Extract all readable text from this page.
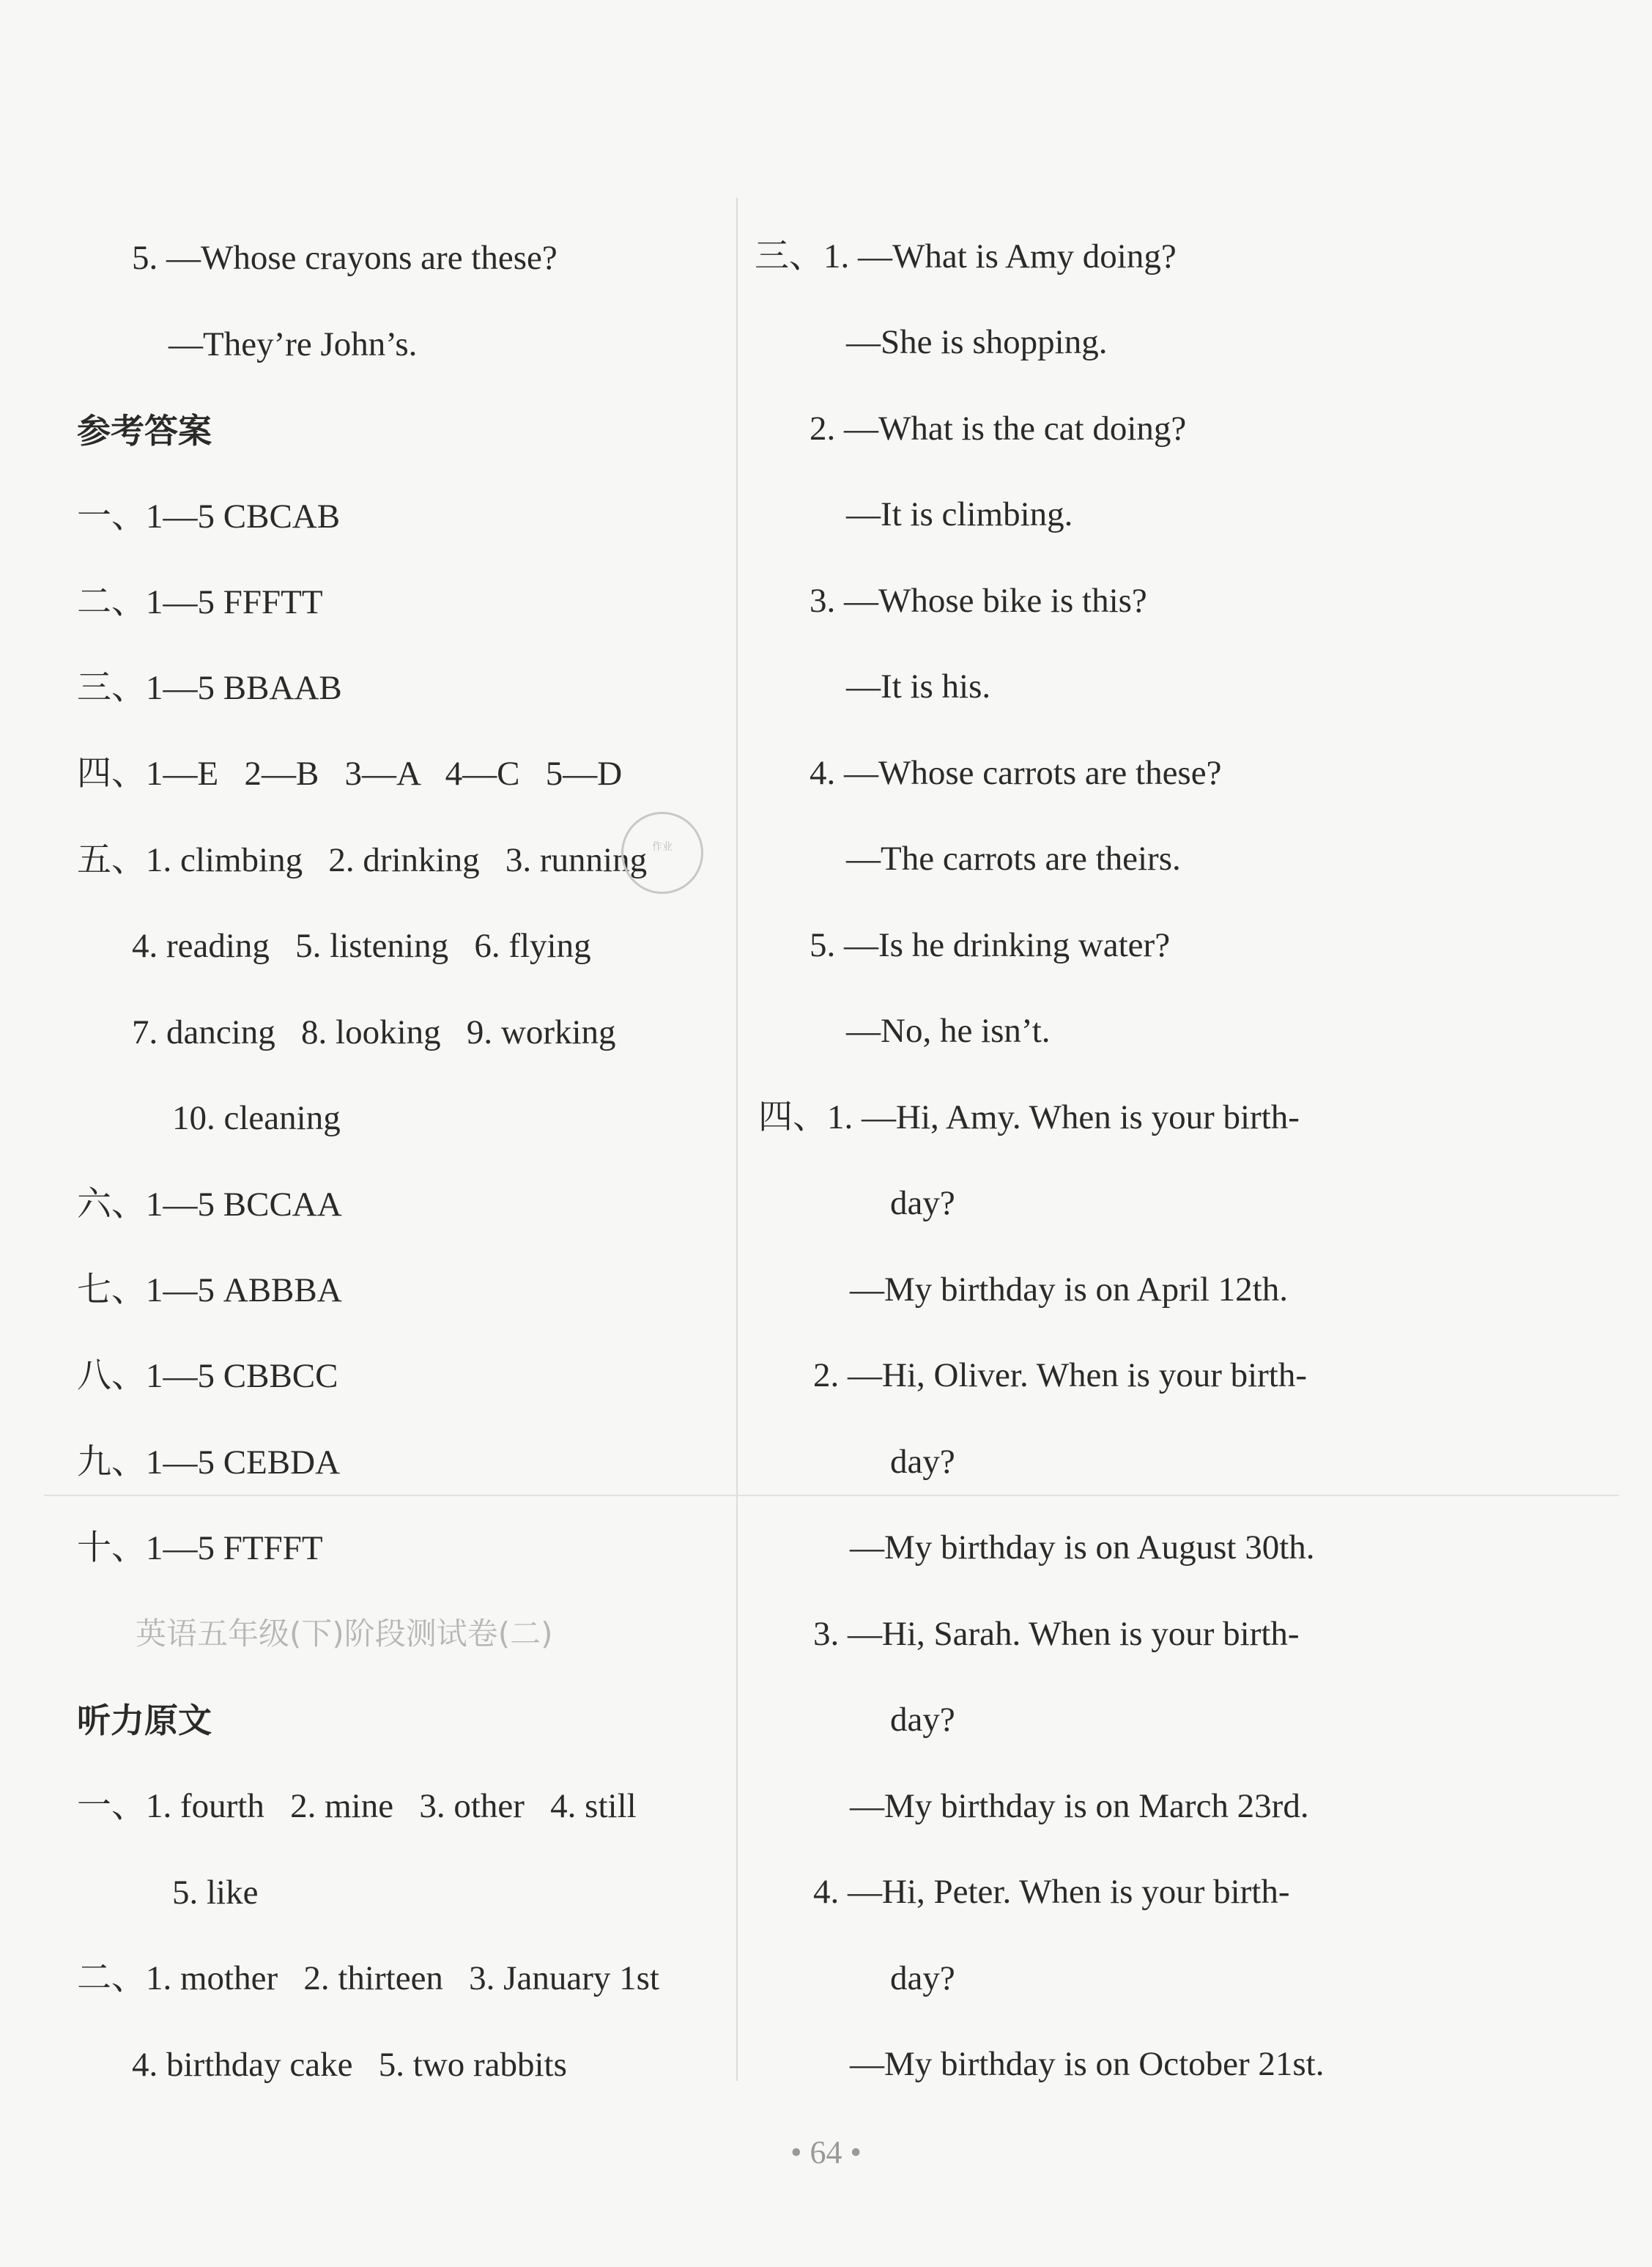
5. —Whose crayons are these?
—They’re John’s.
参考答案
一、1—5 CBCAB
二、1—5 FFFTT
三、1—5 BBAAB
四、1—E   2—B   3—A   4—C   5—D
五、1. climbing   2. drinking   3. running
4. reading   5. listening   6. flying
7. dancing   8. looking   9. working
10. cleaning
六、1—5 BCCAA
七、1—5 ABBBA
八、1—5 CBBCC
九、1—5 CEBDA
十、1—5 FTFFT
英语五年级(下)阶段测试卷(二)
听力原文
一、1. fourth   2. mine   3. other   4. still
5. like
二、1. mother   2. thirteen   3. January 1st
4. birthday cake   5. two rabbits
作业
三、1. —What is Amy doing?
—She is shopping.
2. —What is the cat doing?
—It is climbing.
3. —Whose bike is this?
—It is his.
4. —Whose carrots are these?
—The carrots are theirs.
5. —Is he drinking water?
—No, he isn’t.
四、1. —Hi, Amy. When is your birth-
day?
—My birthday is on April 12th.
2. —Hi, Oliver. When is your birth-
day?
—My birthday is on August 30th.
3. —Hi, Sarah. When is your birth-
day?
—My birthday is on March 23rd.
4. —Hi, Peter. When is your birth-
day?
—My birthday is on October 21st.
• 64 •
